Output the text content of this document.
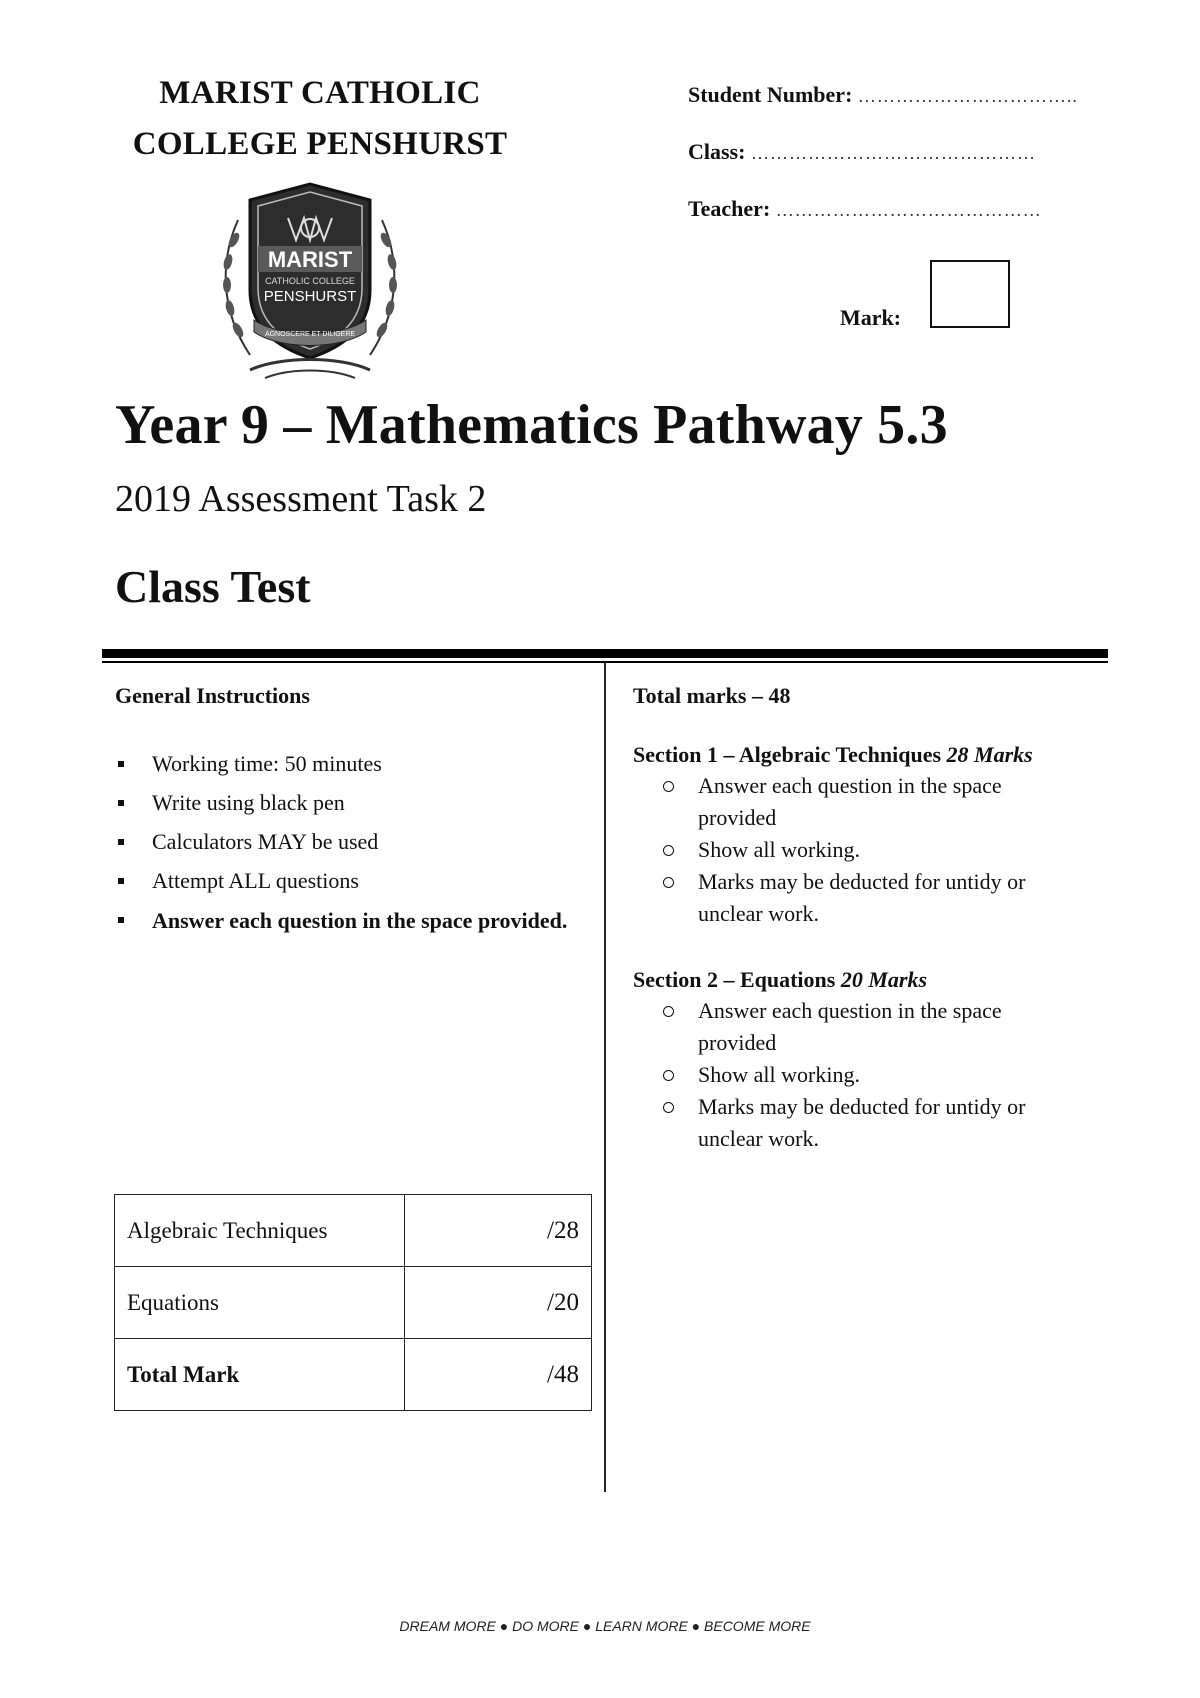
MARIST CATHOLIC
COLLEGE PENSHURST
MARIST
CATHOLIC COLLEGE
PENSHURST
AGNOSCERE ET DILIGERE
Student Number: ……………………………..
Class: ………………………………………
Teacher: ……………………………………
Mark:
Year 9 – Mathematics Pathway 5.3
2019 Assessment Task 2
Class Test
General Instructions
Working time: 50 minutes
Write using black pen
Calculators MAY be used
Attempt ALL questions
Answer each question in the space provided.
Algebraic Techniques	/28
Equations	/20
Total Mark	/48
Total marks – 48
Section 1 – Algebraic Techniques 28 Marks
Answer each question in the space provided
Show all working.
Marks may be deducted for untidy or unclear work.
Section 2 – Equations 20 Marks
Answer each question in the space provided
Show all working.
Marks may be deducted for untidy or unclear work.
DREAM MORE ● DO MORE ● LEARN MORE ● BECOME MORE
